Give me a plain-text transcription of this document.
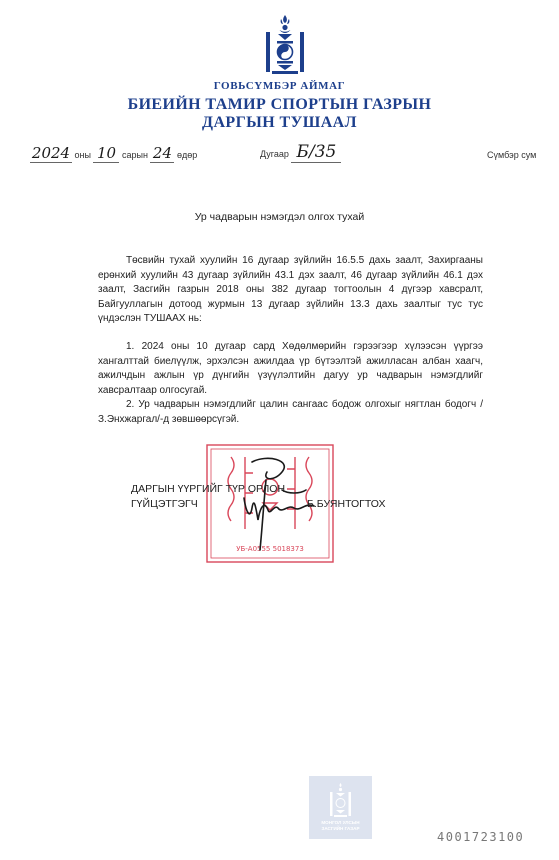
ГОВЬСҮМБЭР АЙМАГ
БИЕИЙН ТАМИР СПОРТЫН ГАЗРЫН
ДАРГЫН ТУШААЛ
2024 оны 10 сарын 24 өдөр	Дугаар Б/35	Сүмбэр сум
Ур чадварын нэмэгдэл олгох тухай
Төсвийн тухай хуулийн 16 дугаар зүйлийн 16.5.5 дахь заалт, Захиргааны ерөнхий хуулийн 43 дугаар зүйлийн 43.1 дэх заалт, 46 дугаар зүйлийн 46.1 дэх заалт, Засгийн газрын 2018 оны 382 дугаар тогтоолын 4 дүгээр хавсралт, Байгууллагын дотоод журмын 13 дугаар зүйлийн 13.3 дахь заалтыг тус тус үндэслэн ТУШААХ нь:
1. 2024 оны 10 дугаар сард Хөдөлмөрийн гэрээгээр хүлээсэн үүргээ хангалттай биелүүлж, эрхэлсэн ажилдаа үр бүтээлтэй ажилласан албан хаагч, ажилчдын ажлын үр дүнгийн үзүүлэлтийн дагуу ур чадварын нэмэгдлийг хавсралтаар олгосугай.
2. Ур чадварын нэмэгдлийг цалин сангаас бодож олгохыг нягтлан бодогч /З.Энхжаргал/-д зөвшөөрсүгэй.
УБ-А0555 5018373
ДАРГЫН ҮҮРГИЙГ ТҮР ОРЛОН
ГҮЙЦЭТГЭГЧ	Б.БУЯНТОГТОХ
МОНГОЛ УЛСЫН
ЗАСГИЙН ГАЗАР
4001723100
